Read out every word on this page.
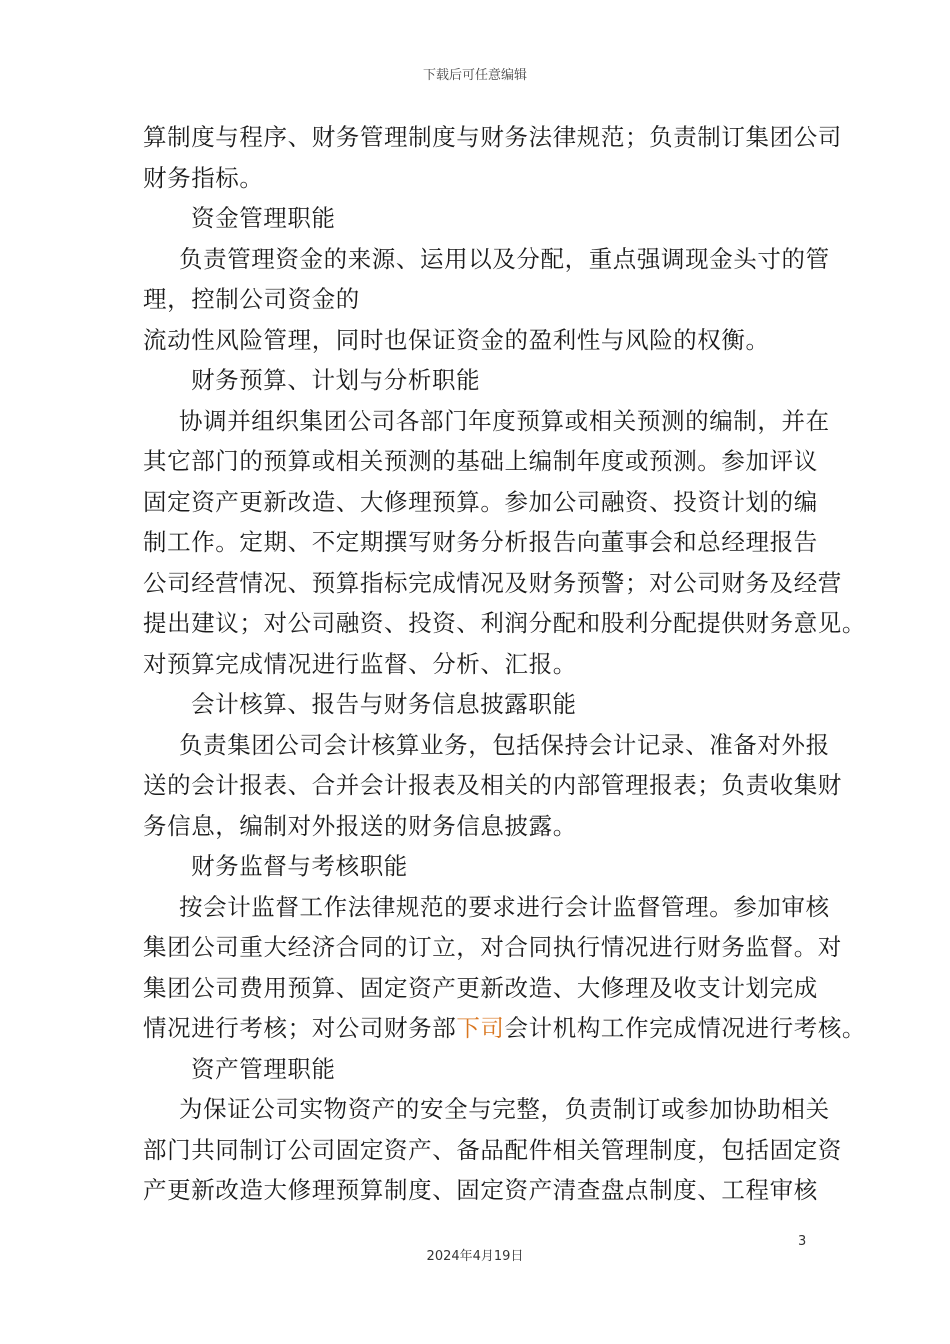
下载后可任意编辑
算制度与程序、财务管理制度与财务法律规范；负责制订集团公司
财务指标。
资金管理职能
负责管理资金的来源、运用以及分配，重点强调现金头寸的管
理，控制公司资金的
流动性风险管理，同时也保证资金的盈利性与风险的权衡。
财务预算、计划与分析职能
协调并组织集团公司各部门年度预算或相关预测的编制，并在
其它部门的预算或相关预测的基础上编制年度或预测。参加评议
固定资产更新改造、大修理预算。参加公司融资、投资计划的编
制工作。定期、不定期撰写财务分析报告向董事会和总经理报告
公司经营情况、预算指标完成情况及财务预警；对公司财务及经营
提出建议；对公司融资、投资、利润分配和股利分配提供财务意见。
对预算完成情况进行监督、分析、汇报。
会计核算、报告与财务信息披露职能
负责集团公司会计核算业务，包括保持会计记录、准备对外报
送的会计报表、合并会计报表及相关的内部管理报表；负责收集财
务信息，编制对外报送的财务信息披露。
财务监督与考核职能
按会计监督工作法律规范的要求进行会计监督管理。参加审核
集团公司重大经济合同的订立，对合同执行情况进行财务监督。对
集团公司费用预算、固定资产更新改造、大修理及收支计划完成
情况进行考核；对公司财务部下司会计机构工作完成情况进行考核。
资产管理职能
为保证公司实物资产的安全与完整，负责制订或参加协助相关
部门共同制订公司固定资产、备品配件相关管理制度，包括固定资
产更新改造大修理预算制度、固定资产清查盘点制度、工程审核
3
2024年4月19日
